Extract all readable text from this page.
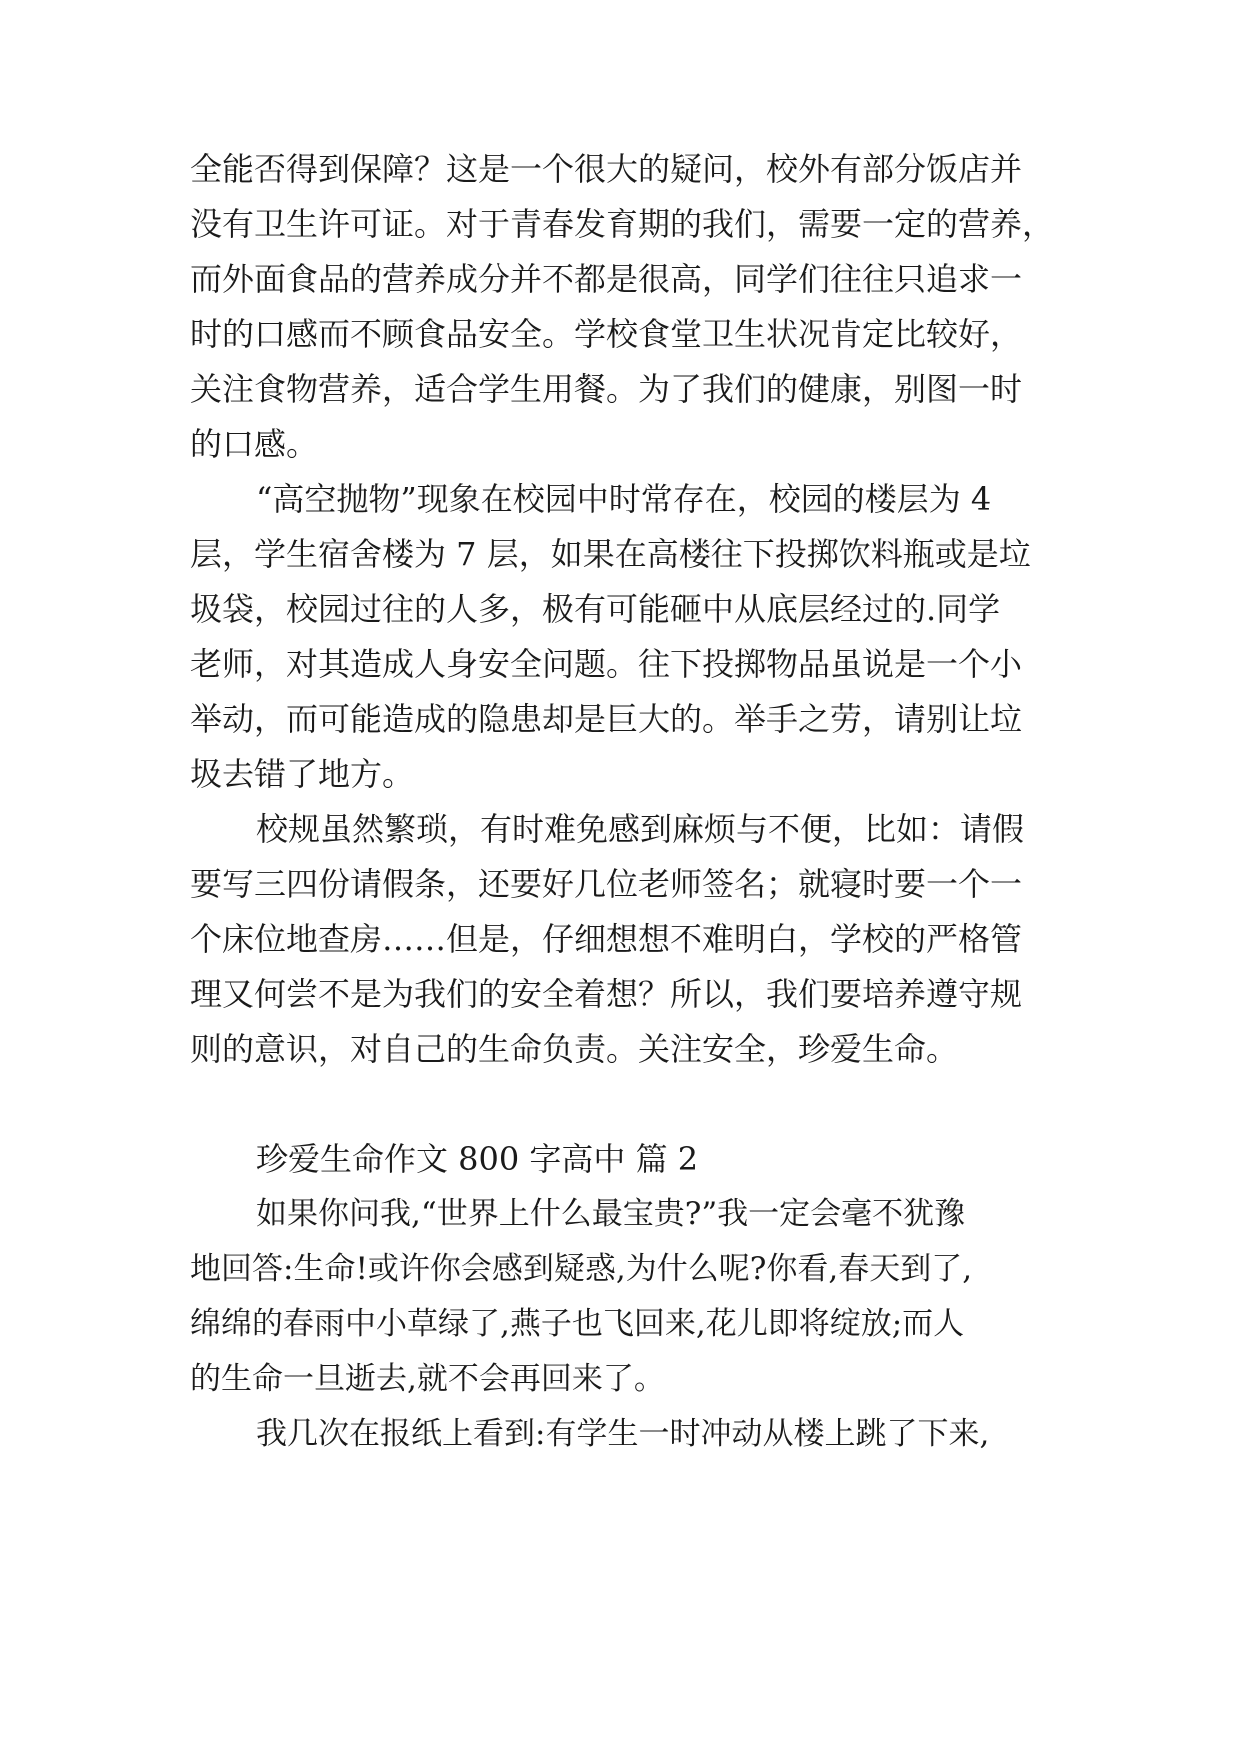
全能否得到保障？这是一个很大的疑问，校外有部分饭店并
没有卫生许可证。对于青春发育期的我们，需要一定的营养，
而外面食品的营养成分并不都是很高，同学们往往只追求一
时的口感而不顾食品安全。学校食堂卫生状况肯定比较好，
关注食物营养，适合学生用餐。为了我们的健康，别图一时
的口感。
“高空抛物”现象在校园中时常存在，校园的楼层为 4
层，学生宿舍楼为 7 层，如果在高楼往下投掷饮料瓶或是垃
圾袋，校园过往的人多，极有可能砸中从底层经过的.同学
老师，对其造成人身安全问题。往下投掷物品虽说是一个小
举动，而可能造成的隐患却是巨大的。举手之劳，请别让垃
圾去错了地方。
校规虽然繁琐，有时难免感到麻烦与不便，比如：请假
要写三四份请假条，还要好几位老师签名；就寝时要一个一
个床位地查房……但是，仔细想想不难明白，学校的严格管
理又何尝不是为我们的安全着想？所以，我们要培养遵守规
则的意识，对自己的生命负责。关注安全，珍爱生命。
珍爱生命作文 800 字高中 篇 2
如果你问我,“世界上什么最宝贵?”我一定会毫不犹豫
地回答:生命!或许你会感到疑惑,为什么呢?你看,春天到了,
绵绵的春雨中小草绿了,燕子也飞回来,花儿即将绽放;而人
的生命一旦逝去,就不会再回来了。
我几次在报纸上看到:有学生一时冲动从楼上跳了下来,
